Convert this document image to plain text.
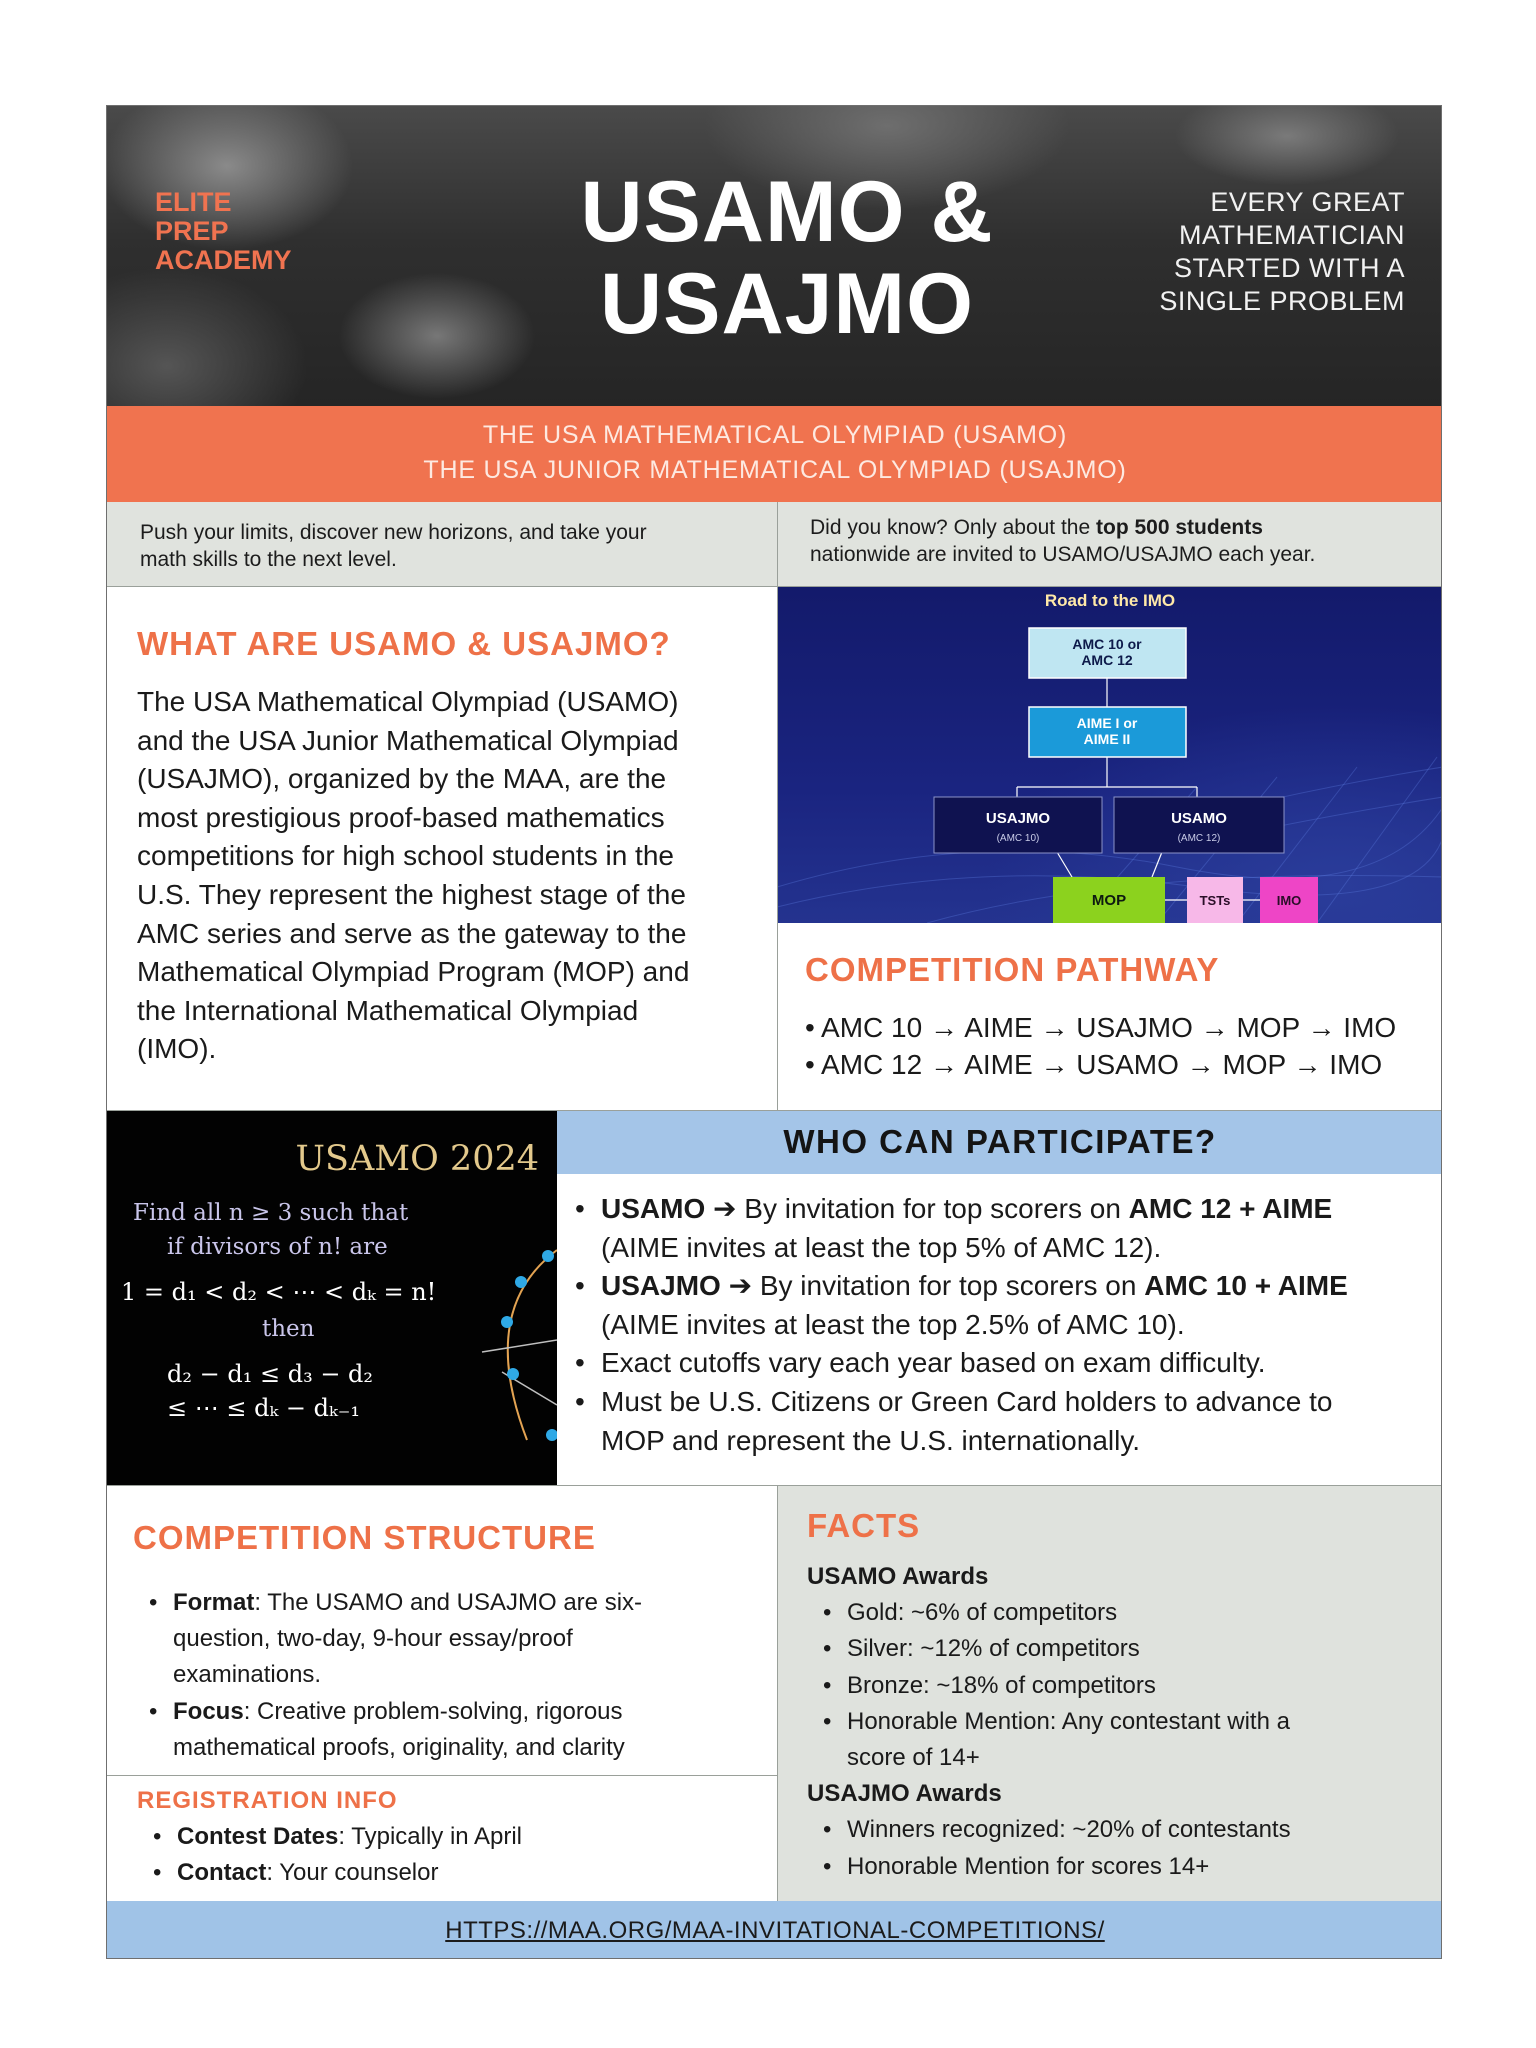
ELITE
PREP
ACADEMY	USAMO &
USAJMO
EVERY GREAT
MATHEMATICIAN
STARTED WITH A
SINGLE PROBLEM
THE USA MATHEMATICAL OLYMPIAD (USAMO)
THE USA JUNIOR MATHEMATICAL OLYMPIAD (USAJMO)
Push your limits, discover new horizons, and take your
math skills to the next level.
Did you know? Only about the top 500 students
nationwide are invited to USAMO/USAJMO each year.
WHAT ARE USAMO & USAJMO?
The USA Mathematical Olympiad (USAMO)
and the USA Junior Mathematical Olympiad
(USAJMO), organized by the MAA, are the
most prestigious proof-based mathematics
competitions for high school students in the
U.S. They represent the highest stage of the
AMC series and serve as the gateway to the
Mathematical Olympiad Program (MOP) and
the International Mathematical Olympiad
(IMO).
Road to the IMO
AMC 10 or
AMC 12
AIME I or
AIME II
USAJMO
(AMC 10)
USAMO
(AMC 12)
MOP	TSTs	IMO
COMPETITION PATHWAY
• AMC 10 → AIME → USAJMO → MOP → IMO
• AMC 12 → AIME → USAMO → MOP → IMO
USAMO 2024
Find all n ≥ 3 such that
if divisors of n! are
1 = d₁ < d₂ < ⋯ < dₖ = n!
then
d₂ − d₁ ≤ d₃ − d₂
≤ ⋯ ≤ dₖ − dₖ₋₁
WHO CAN PARTICIPATE?
• USAMO ➔ By invitation for top scorers on AMC 12 + AIME
(AIME invites at least the top 5% of AMC 12).
• USAJMO ➔ By invitation for top scorers on AMC 10 + AIME
(AIME invites at least the top 2.5% of AMC 10).
• Exact cutoffs vary each year based on exam difficulty.
• Must be U.S. Citizens or Green Card holders to advance to
MOP and represent the U.S. internationally.
COMPETITION STRUCTURE
• Format: The USAMO and USAJMO are six-
question, two-day, 9-hour essay/proof
examinations.
• Focus: Creative problem-solving, rigorous
mathematical proofs, originality, and clarity
REGISTRATION INFO
• Contest Dates: Typically in April
• Contact: Your counselor
FACTS
USAMO Awards
• Gold: ~6% of competitors
• Silver: ~12% of competitors
• Bronze: ~18% of competitors
• Honorable Mention: Any contestant with a
score of 14+
USAJMO Awards
• Winners recognized: ~20% of contestants
• Honorable Mention for scores 14+
HTTPS://MAA.ORG/MAA-INVITATIONAL-COMPETITIONS/
